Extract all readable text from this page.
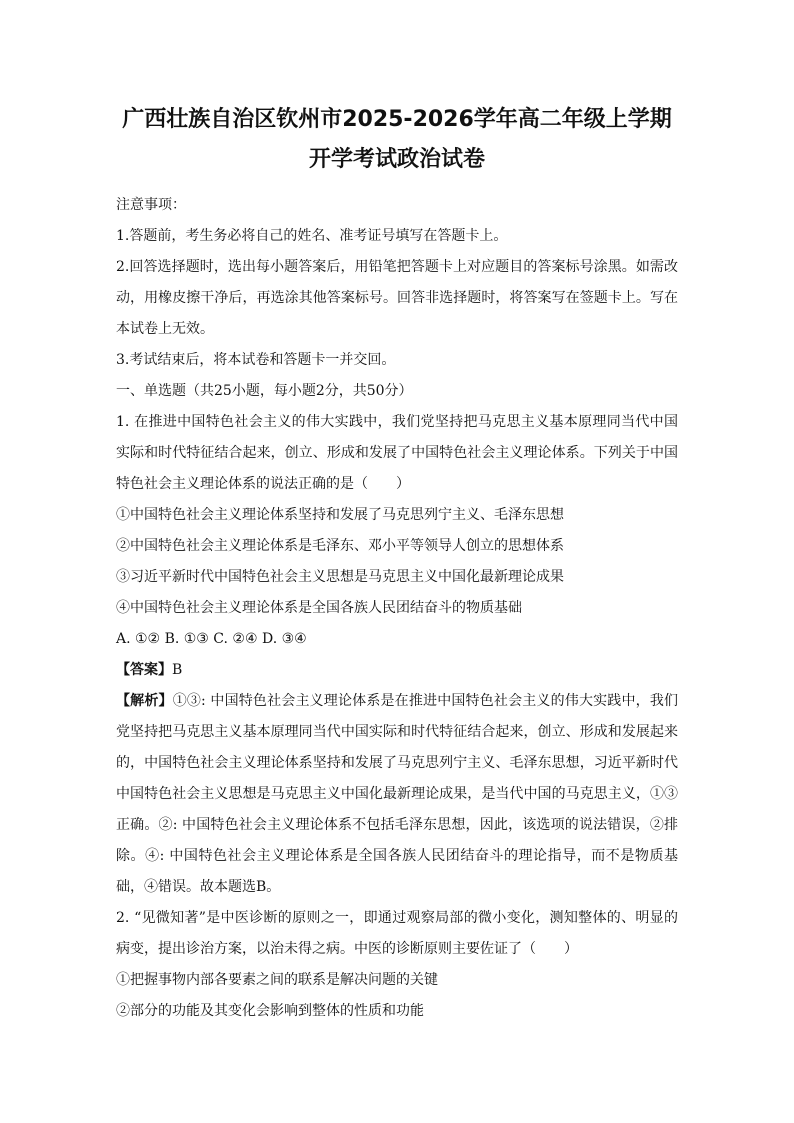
广西壮族自治区钦州市2025-2026学年高二年级上学期
开学考试政治试卷

注意事项：

1.答题前，考生务必将自己的姓名、准考证号填写在答题卡上。

2.回答选择题时，选出每小题答案后，用铅笔把答题卡上对应题目的答案标号涂黑。如需改动，用橡皮擦干净后，再选涂其他答案标号。回答非选择题时，将答案写在签题卡上。写在本试卷上无效。

3.考试结束后，将本试卷和答题卡一并交回。

一、单选题（共25小题，每小题2分，共50分）

1. 在推进中国特色社会主义的伟大实践中，我们党坚持把马克思主义基本原理同当代中国实际和时代特征结合起来，创立、形成和发展了中国特色社会主义理论体系。下列关于中国特色社会主义理论体系的说法正确的是（　　）

①中国特色社会主义理论体系坚持和发展了马克思列宁主义、毛泽东思想

②中国特色社会主义理论体系是毛泽东、邓小平等领导人创立的思想体系

③习近平新时代中国特色社会主义思想是马克思主义中国化最新理论成果

④中国特色社会主义理论体系是全国各族人民团结奋斗的物质基础

A. ①② B. ①③ C. ②④ D. ③④

【答案】B

【解析】①③: 中国特色社会主义理论体系是在推进中国特色社会主义的伟大实践中，我们党坚持把马克思主义基本原理同当代中国实际和时代特征结合起来，创立、形成和发展起来的，中国特色社会主义理论体系坚持和发展了马克思列宁主义、毛泽东思想，习近平新时代中国特色社会主义思想是马克思主义中国化最新理论成果，是当代中国的马克思主义，①③正确。②: 中国特色社会主义理论体系不包括毛泽东思想，因此，该选项的说法错误，②排除。④: 中国特色社会主义理论体系是全国各族人民团结奋斗的理论指导，而不是物质基础，④错误。故本题选B。

2. “见微知著”是中医诊断的原则之一，即通过观察局部的微小变化，测知整体的、明显的病变，提出诊治方案，以治未得之病。中医的诊断原则主要佐证了（　　）

①把握事物内部各要素之间的联系是解决问题的关键

②部分的功能及其变化会影响到整体的性质和功能
